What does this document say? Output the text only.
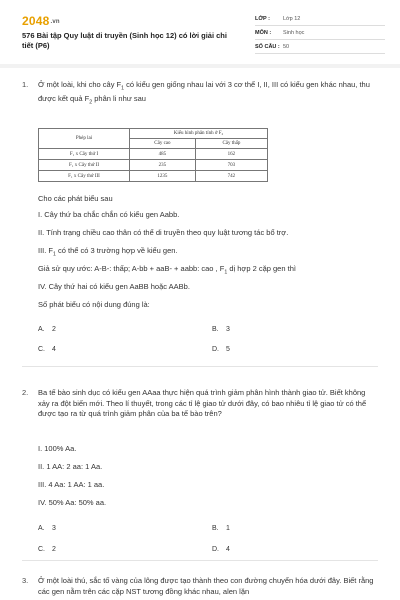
2048.vn
576 Bài tập Quy luật di truyền (Sinh học 12) có lời giải chi tiết (P6)
LỚP :	Lớp 12
MÔN :	Sinh học
SỐ CÂU : 50
1. Ở một loài, khi cho cây $F_1$ có kiểu gen giống nhau lai với 3 cơ thể I, II, III có kiểu gen khác nhau, thu được kết quả $F_2$ phân li như sau
Phép lai	Kiểu hình phân tính ở F₂	
	Cây cao	Cây thấp
F₁ x Cây thứ I	485	162
F₁ x Cây thứ II	235	703
F₁ x Cây thứ III	1235	742
Cho các phát biểu sau
I. Cây thứ ba chắc chắn có kiểu gen Aabb.
II. Tính trạng chiều cao thân có thể di truyền theo quy luật tương tác bổ trợ.
III. $F_1$ có thể có 3 trường hợp về kiểu gen.
Giả sử quy ước: A-B-: thấp; A-bb + aaB- + aabb: cao , $F_1$ dị hợp 2 cặp gen thì
IV. Cây thứ hai có kiểu gen AaBB hoặc AABb.
Số phát biểu có nội dung đúng là:
A. 2	B. 3
C. 4	D. 5
2. Ba tế bào sinh dục có kiểu gen AAaa thực hiện quá trình giảm phân hình thành giao tử. Biết không xảy ra đột biến mới. Theo lí thuyết, trong các tỉ lệ giao tử dưới đây, có bao nhiêu tỉ lệ giao tử có thể được tạo ra từ quá trình giảm phân của ba tế bào trên?
I. 100% Aa.
II. 1 AA: 2 aa: 1 Aa.
III. 4 Aa: 1 AA: 1 aa.
IV. 50% Aa: 50% aa.
A. 3	B. 1
C. 2	D. 4
3. Ở một loài thú, sắc tố vàng của lông được tạo thành theo con đường chuyển hóa dưới đây. Biết rằng các gen nằm trên các cặp NST tương đồng khác nhau, alen lặn
